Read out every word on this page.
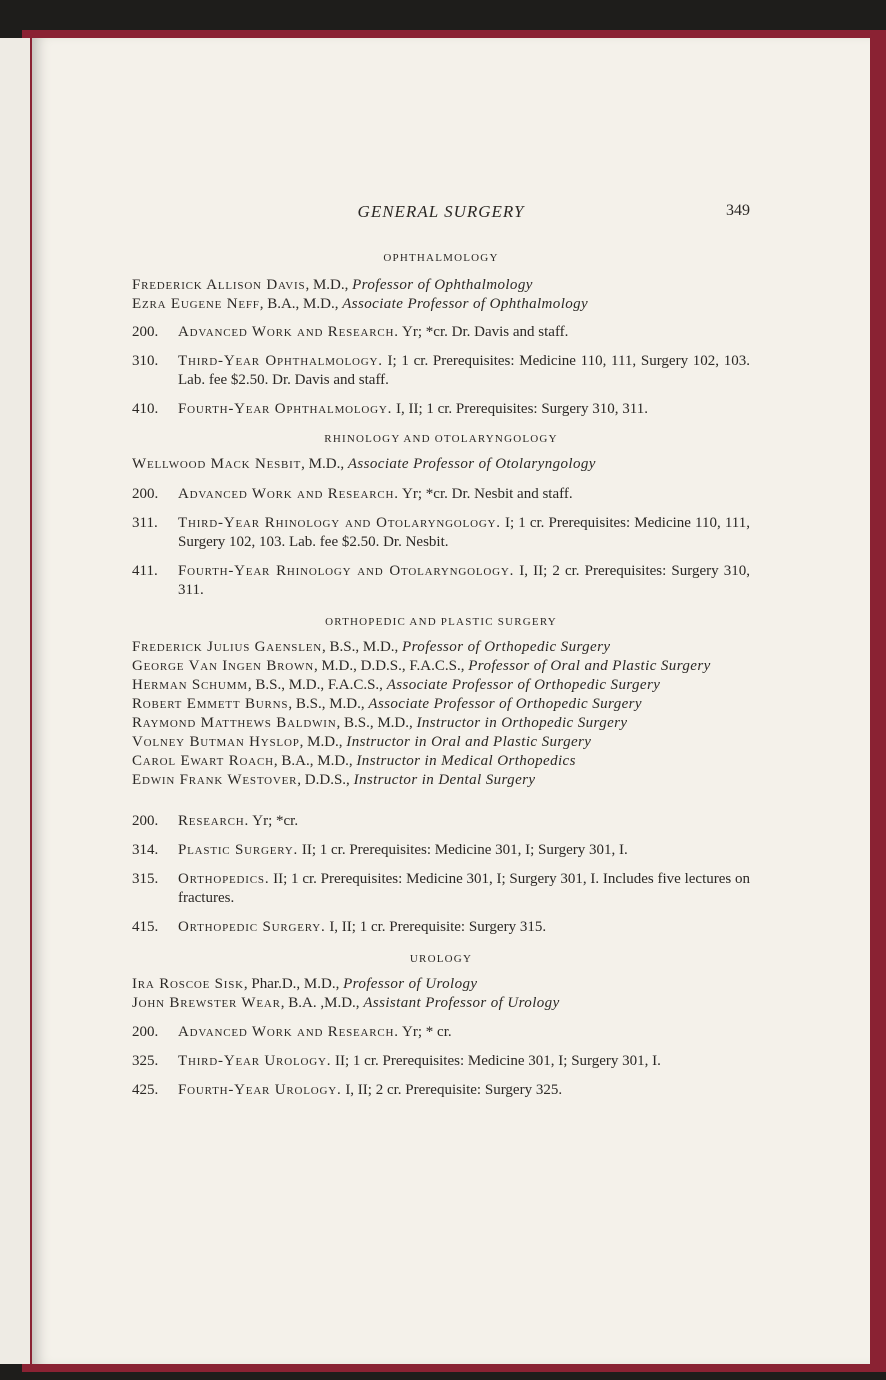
GENERAL SURGERY	349
OPHTHALMOLOGY
Frederick Allison Davis, M.D., Professor of Ophthalmology
Ezra Eugene Neff, B.A., M.D., Associate Professor of Ophthalmology
200.	Advanced Work and Research. Yr; *cr. Dr. Davis and staff.
310.	Third-Year Ophthalmology. I; 1 cr. Prerequisites: Medicine 110, 111, Surgery 102, 103. Lab. fee $2.50. Dr. Davis and staff.
410.	Fourth-Year Ophthalmology. I, II; 1 cr. Prerequisites: Surgery 310, 311.
RHINOLOGY AND OTOLARYNGOLOGY
Wellwood Mack Nesbit, M.D., Associate Professor of Otolaryngology
200.	Advanced Work and Research. Yr; *cr. Dr. Nesbit and staff.
311.	Third-Year Rhinology and Otolaryngology. I; 1 cr. Prerequisites: Medicine 110, 111, Surgery 102, 103. Lab. fee $2.50. Dr. Nesbit.
411.	Fourth-Year Rhinology and Otolaryngology. I, II; 2 cr. Prerequisites: Surgery 310, 311.
ORTHOPEDIC AND PLASTIC SURGERY
Frederick Julius Gaenslen, B.S., M.D., Professor of Orthopedic Surgery
George Van Ingen Brown, M.D., D.D.S., F.A.C.S., Professor of Oral and Plastic Surgery
Herman Schumm, B.S., M.D., F.A.C.S., Associate Professor of Orthopedic Surgery
Robert Emmett Burns, B.S., M.D., Associate Professor of Orthopedic Surgery
Raymond Matthews Baldwin, B.S., M.D., Instructor in Orthopedic Surgery
Volney Butman Hyslop, M.D., Instructor in Oral and Plastic Surgery
Carol Ewart Roach, B.A., M.D., Instructor in Medical Orthopedics
Edwin Frank Westover, D.D.S., Instructor in Dental Surgery
200.	Research. Yr; *cr.
314.	Plastic Surgery. II; 1 cr. Prerequisites: Medicine 301, I; Surgery 301, I.
315.	Orthopedics. II; 1 cr. Prerequisites: Medicine 301, I; Surgery 301, I. Includes five lectures on fractures.
415.	Orthopedic Surgery. I, II; 1 cr. Prerequisite: Surgery 315.
UROLOGY
Ira Roscoe Sisk, Phar.D., M.D., Professor of Urology
John Brewster Wear, B.A. ,M.D., Assistant Professor of Urology
200.	Advanced Work and Research. Yr; * cr.
325.	Third-Year Urology. II; 1 cr. Prerequisites: Medicine 301, I; Surgery 301, I.
425.	Fourth-Year Urology. I, II; 2 cr. Prerequisite: Surgery 325.
